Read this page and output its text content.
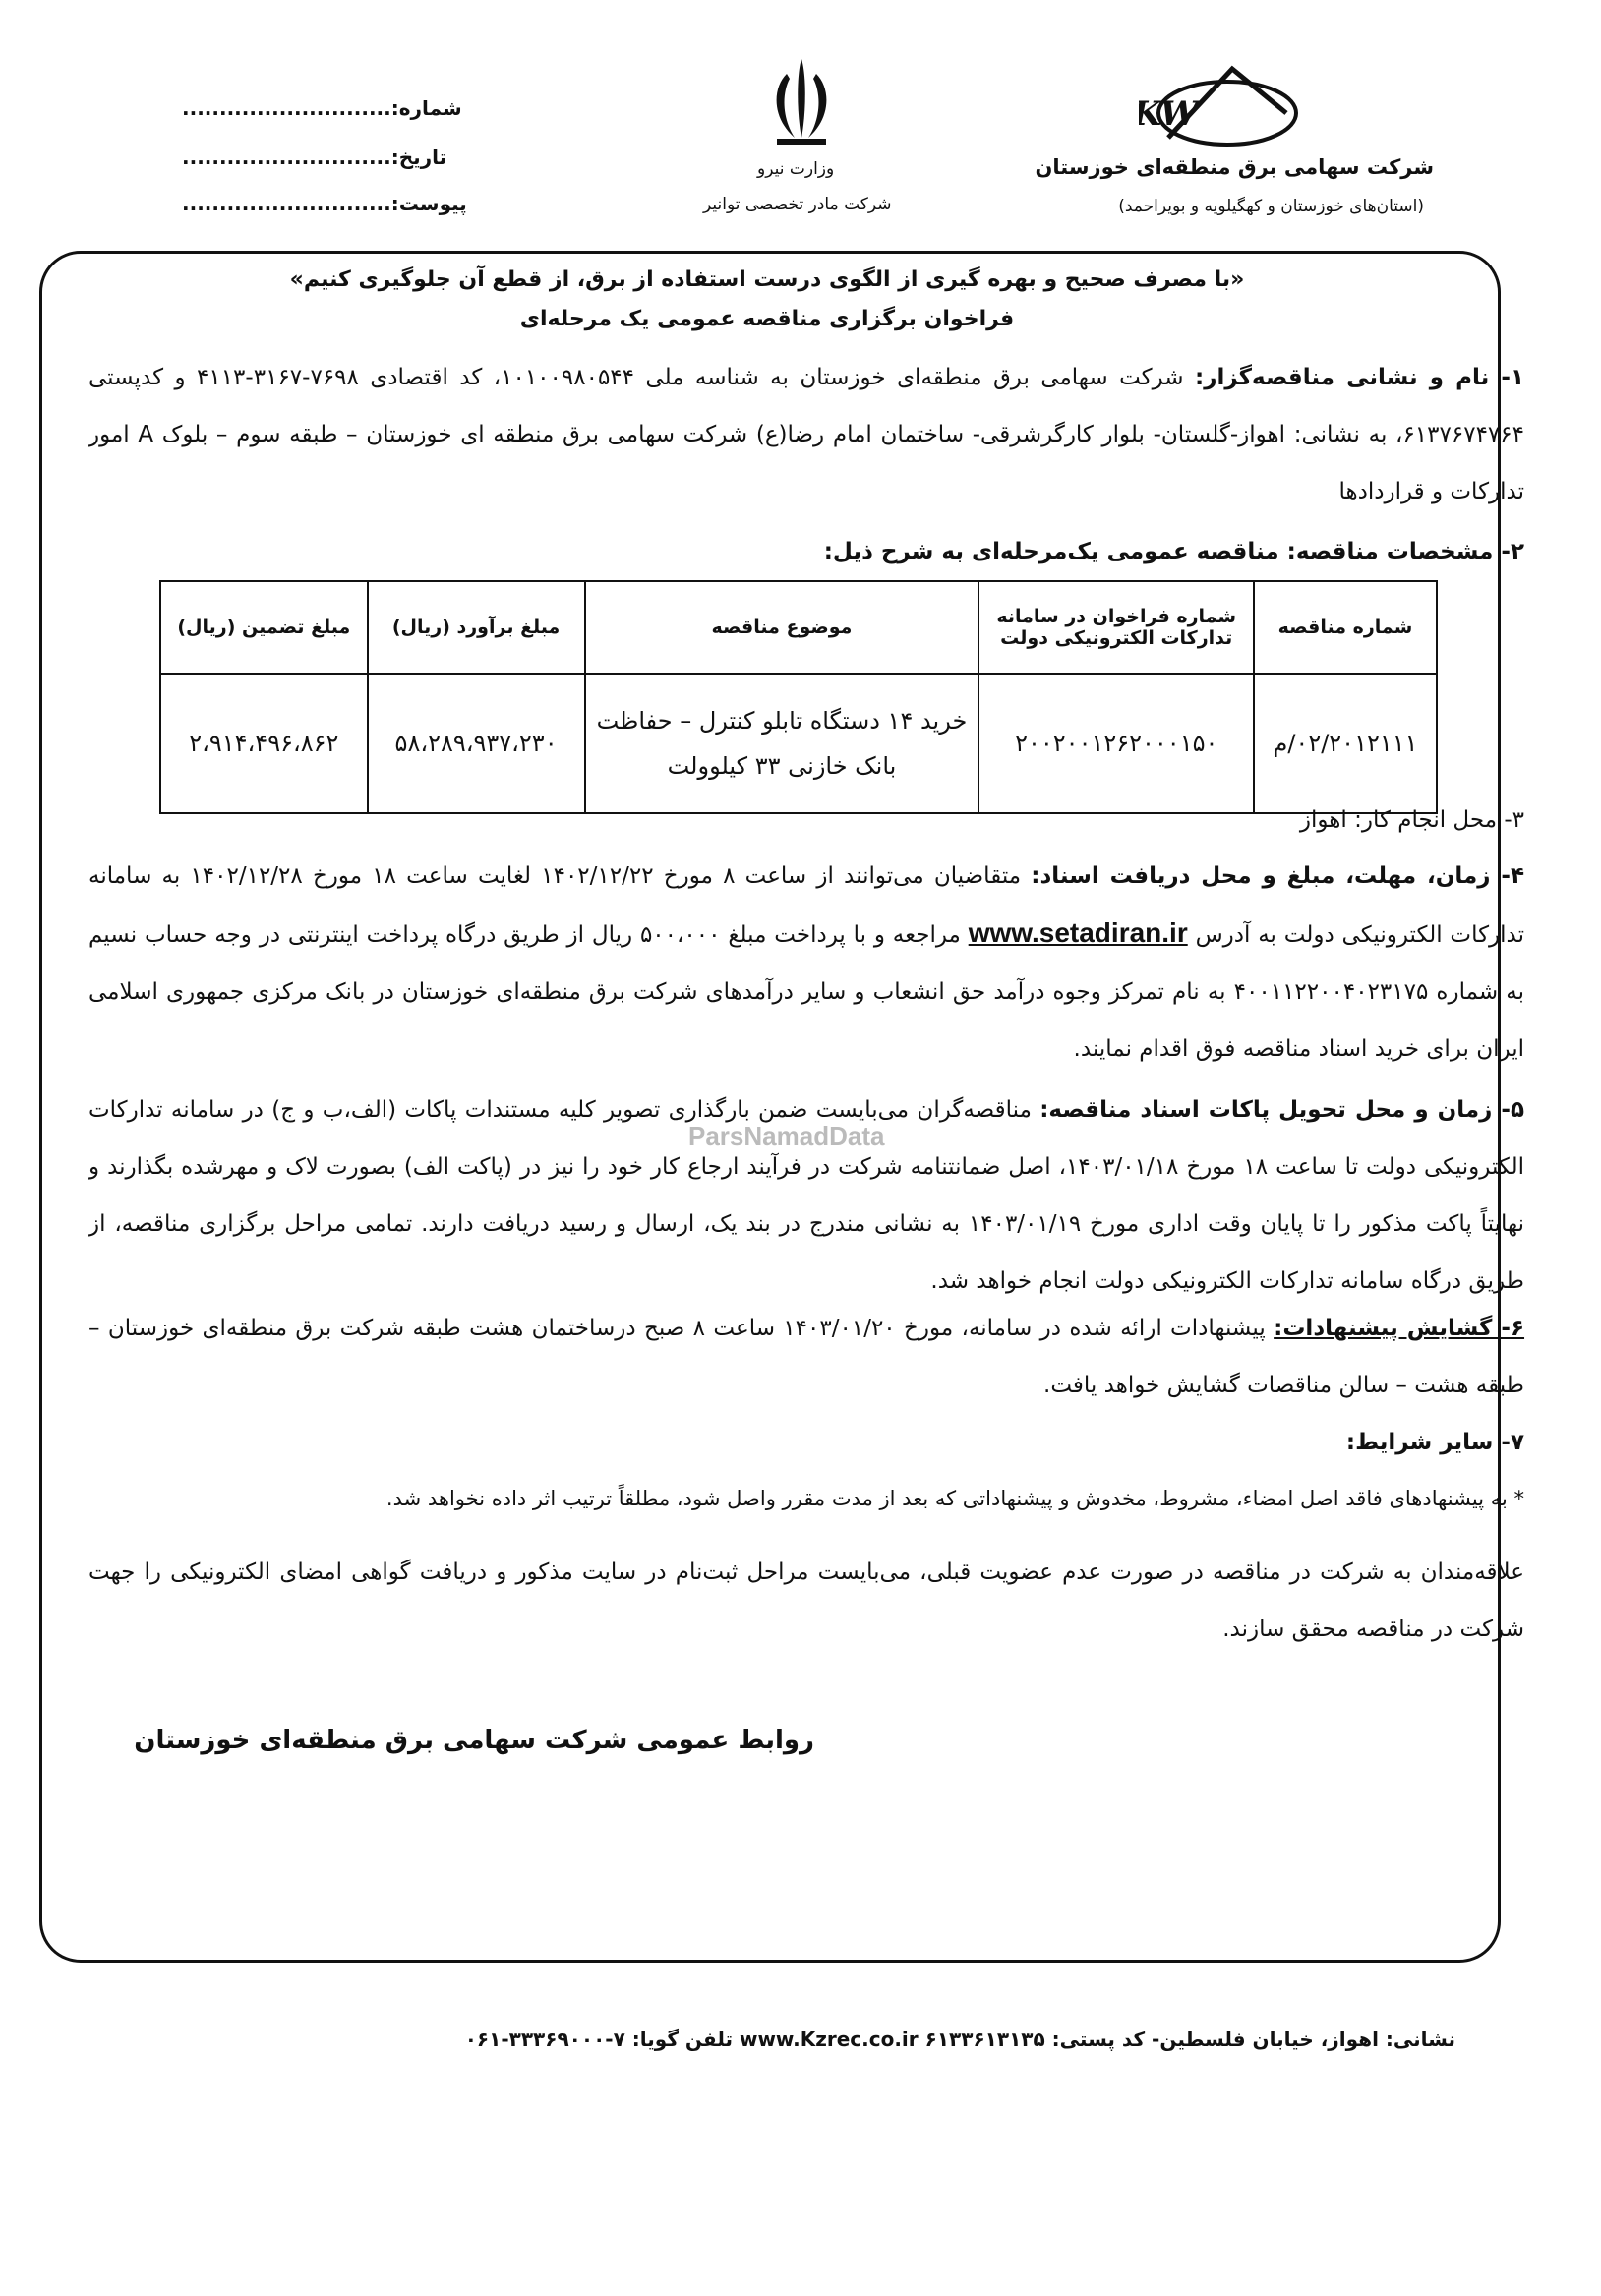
KW
شرکت سهامی برق منطقه‌ای خوزستان
(استان‌های خوزستان و کهگیلویه و بویراحمد)
وزارت نیرو
شرکت مادر تخصصی توانیر
شماره:............................
تاریخ:............................
پیوست:............................
«با مصرف صحیح و بهره گیری از الگوی درست استفاده از برق، از قطع آن جلوگیری کنیم»
فراخوان برگزاری مناقصه عمومی یک مرحله‌ای
۱- نام و نشانی مناقصه‌گزار: شرکت سهامی برق منطقه‌ای خوزستان به شناسه ملی ۱۰۱۰۰۹۸۰۵۴۴، کد اقتصادی ۷۶۹۸-۳۱۶۷-۴۱۱۳ و کدپستی ۶۱۳۷۶۷۴۷۶۴، به نشانی: اهواز-گلستان- بلوار کارگرشرقی- ساختمان امام رضا(ع) شرکت سهامی برق منطقه ای خوزستان – طبقه سوم – بلوک A امور تدارکات و قراردادها
۲- مشخصات مناقصه: مناقصه عمومی یک‌مرحله‌ای به شرح ذیل:
شماره مناقصه	شماره فراخوان در سامانه تدارکات الکترونیکی دولت	موضوع مناقصه	مبلغ برآورد (ریال)	مبلغ تضمین (ریال)
۰۲/۲۰۱۲۱۱۱/م	۲۰۰۲۰۰۱۲۶۲۰۰۰۱۵۰	خرید ۱۴ دستگاه تابلو کنترل – حفاظت بانک خازنی ۳۳ کیلوولت	۵۸،۲۸۹،۹۳۷،۲۳۰	۲،۹۱۴،۴۹۶،۸۶۲
۳- محل انجام کار: اهواز
۴- زمان، مهلت، مبلغ و محل دریافت اسناد: متقاضیان می‌توانند از ساعت ۸ مورخ ۱۴۰۲/۱۲/۲۲ لغایت ساعت ۱۸ مورخ ۱۴۰۲/۱۲/۲۸ به سامانه تدارکات الکترونیکی دولت به آدرس www.setadiran.ir مراجعه و با پرداخت مبلغ ۵۰۰،۰۰۰ ریال از طریق درگاه پرداخت اینترنتی در وجه حساب نسیم به شماره ۴۰۰۱۱۲۲۰۰۴۰۲۳۱۷۵ به نام تمرکز وجوه درآمد حق انشعاب و سایر درآمدهای شرکت برق منطقه‌ای خوزستان در بانک مرکزی جمهوری اسلامی ایران برای خرید اسناد مناقصه فوق اقدام نمایند.
۵- زمان و محل تحویل پاکات اسناد مناقصه: مناقصه‌گران می‌بایست ضمن بارگذاری تصویر کلیه مستندات پاکات (الف،ب و ج) در سامانه تدارکات الکترونیکی دولت تا ساعت ۱۸ مورخ ۱۴۰۳/۰۱/۱۸، اصل ضمانتنامه شرکت در فرآیند ارجاع کار خود را نیز در (پاکت الف) بصورت لاک و مهرشده بگذارند و نهایتاً پاکت مذکور را تا پایان وقت اداری مورخ ۱۴۰۳/۰۱/۱۹ به نشانی مندرج در بند یک، ارسال و رسید دریافت دارند. تمامی مراحل برگزاری مناقصه، از طریق درگاه سامانه تدارکات الکترونیکی دولت انجام خواهد شد.
۶- گشایش پیشنهادات: پیشنهادات ارائه شده در سامانه، مورخ ۱۴۰۳/۰۱/۲۰ ساعت ۸ صبح درساختمان هشت طبقه شرکت برق منطقه‌ای خوزستان – طبقه هشت – سالن مناقصات گشایش خواهد یافت.
۷- سایر شرایط:
* به پیشنهادهای فاقد اصل امضاء، مشروط، مخدوش و پیشنهاداتی که بعد از مدت مقرر واصل شود، مطلقاً ترتیب اثر داده نخواهد شد.
علاقه‌مندان به شرکت در مناقصه در صورت عدم عضویت قبلی، می‌بایست مراحل ثبت‌نام در سایت مذکور و دریافت گواهی امضای الکترونیکی را جهت شرکت در مناقصه محقق سازند.
روابط عمومی شرکت سهامی برق منطقه‌ای خوزستان
ParsNamadData
نشانی: اهواز، خیابان فلسطین- کد پستی: ۶۱۳۳۶۱۳۱۳۵ www.Kzrec.co.ir تلفن گویا: ۷-۳۳۳۶۹۰۰۰-۰۶۱
